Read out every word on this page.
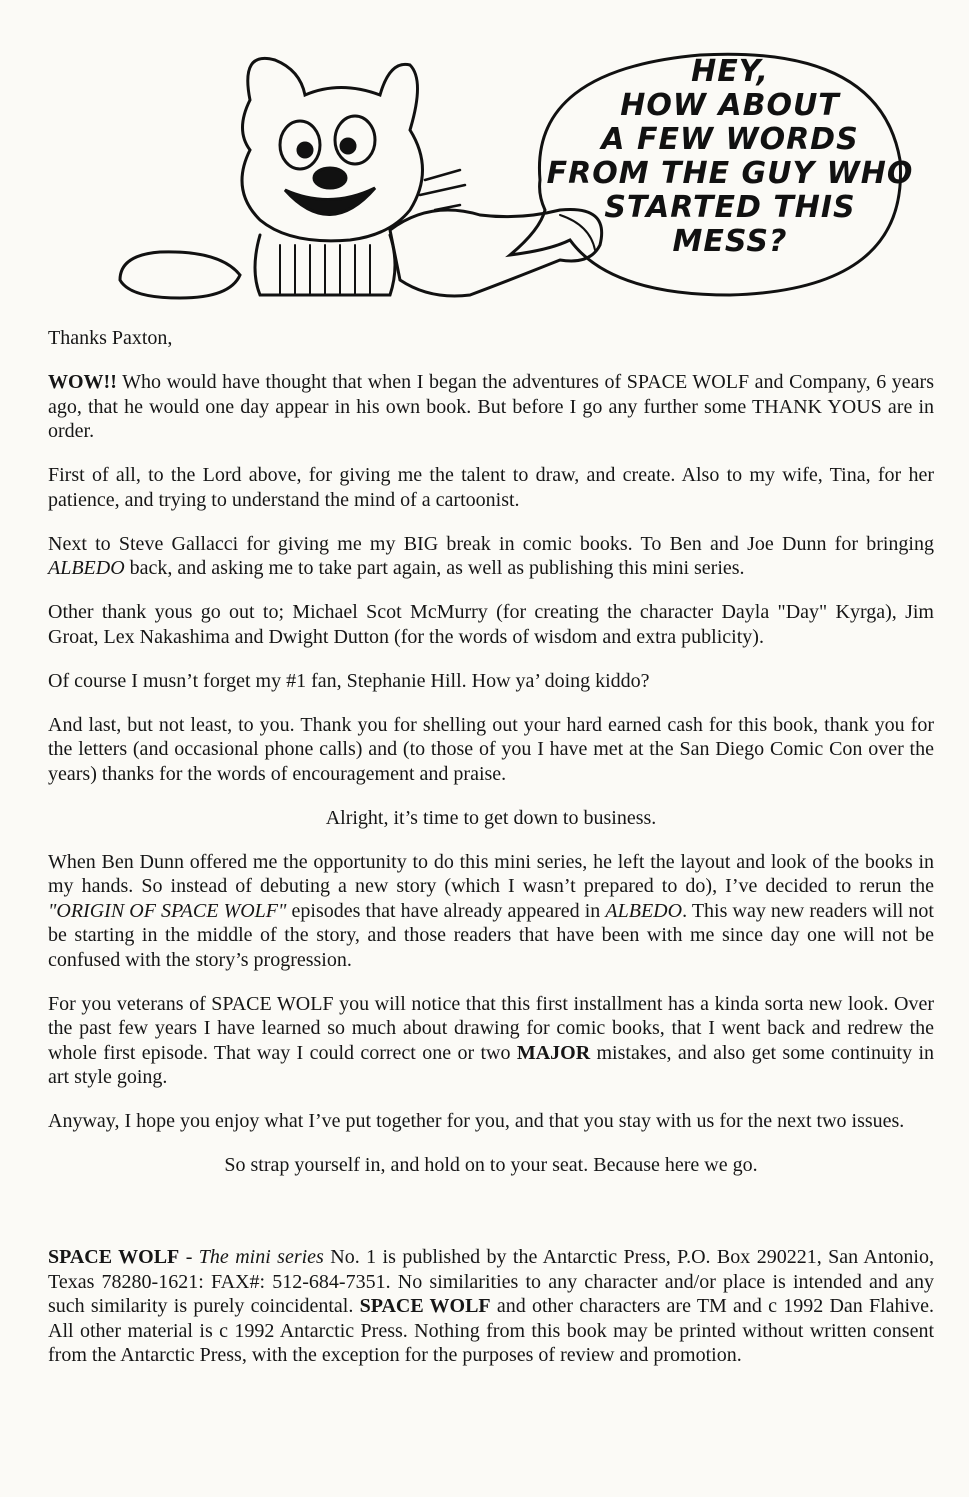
HEY,
HOW ABOUT
A FEW WORDS
FROM THE GUY WHO
STARTED THIS
MESS?

Thanks Paxton,

WOW!! Who would have thought that when I began the adventures of SPACE WOLF and Company, 6 years ago, that he would one day appear in his own book. But before I go any further some THANK YOUS are in order.

First of all, to the Lord above, for giving me the talent to draw, and create. Also to my wife, Tina, for her patience, and trying to understand the mind of a cartoonist.

Next to Steve Gallacci for giving me my BIG break in comic books. To Ben and Joe Dunn for bringing ALBEDO back, and asking me to take part again, as well as publishing this mini series.

Other thank yous go out to; Michael Scot McMurry (for creating the character Dayla "Day" Kyrga), Jim Groat, Lex Nakashima and Dwight Dutton (for the words of wisdom and extra publicity).

Of course I musn’t forget my #1 fan, Stephanie Hill. How ya’ doing kiddo?

And last, but not least, to you. Thank you for shelling out your hard earned cash for this book, thank you for the letters (and occasional phone calls) and (to those of you I have met at the San Diego Comic Con over the years) thanks for the words of encouragement and praise.

Alright, it’s time to get down to business.

When Ben Dunn offered me the opportunity to do this mini series, he left the layout and look of the books in my hands. So instead of debuting a new story (which I wasn’t prepared to do), I’ve decided to rerun the "ORIGIN OF SPACE WOLF" episodes that have already appeared in ALBEDO. This way new readers will not be starting in the middle of the story, and those readers that have been with me since day one will not be confused with the story’s progression.

For you veterans of SPACE WOLF you will notice that this first installment has a kinda sorta new look. Over the past few years I have learned so much about drawing for comic books, that I went back and redrew the whole first episode. That way I could correct one or two MAJOR mistakes, and also get some continuity in art style going.

Anyway, I hope you enjoy what I’ve put together for you, and that you stay with us for the next two issues.

So strap yourself in, and hold on to your seat. Because here we go.

SPACE WOLF - The mini series No. 1 is published by the Antarctic Press, P.O. Box 290221, San Antonio, Texas 78280-1621: FAX#: 512-684-7351. No similarities to any character and/or place is intended and any such similarity is purely coincidental. SPACE WOLF and other characters are TM and c 1992 Dan Flahive. All other material is c 1992 Antarctic Press. Nothing from this book may be printed without written consent from the Antarctic Press, with the exception for the purposes of review and promotion.
